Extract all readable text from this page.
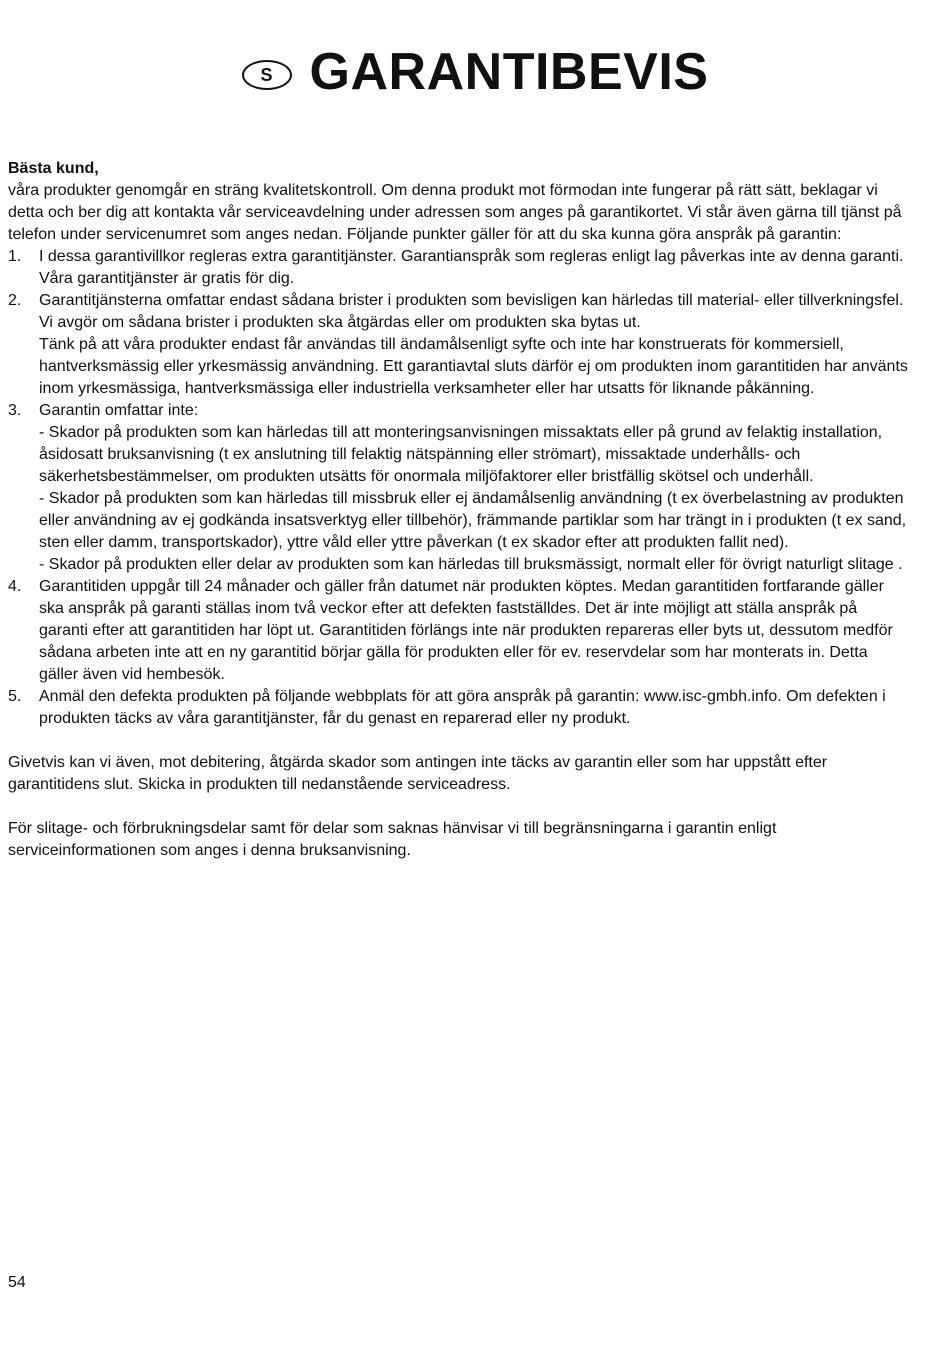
S GARANTIBEVIS

Bästa kund,

våra produkter genomgår en sträng kvalitetskontroll. Om denna produkt mot förmodan inte fungerar på rätt sätt, beklagar vi detta och ber dig att kontakta vår serviceavdelning under adressen som anges på garantikortet. Vi står även gärna till tjänst på telefon under servicenumret som anges nedan. Följande punkter gäller för att du ska kunna göra anspråk på garantin:

1. I dessa garantivillkor regleras extra garantitjänster. Garantianspråk som regleras enligt lag påverkas inte av denna garanti. Våra garantitjänster är gratis för dig.

2. Garantitjänsterna omfattar endast sådana brister i produkten som bevisligen kan härledas till material- eller tillverkningsfel. Vi avgör om sådana brister i produkten ska åtgärdas eller om produkten ska bytas ut.

Tänk på att våra produkter endast får användas till ändamålsenligt syfte och inte har konstruerats för kommersiell, hantverksmässig eller yrkesmässig användning. Ett garantiavtal sluts därför ej om produkten inom garantitiden har använts inom yrkesmässiga, hantverksmässiga eller industriella verksamheter eller har utsatts för liknande påkänning.

3. Garantin omfattar inte:

- Skador på produkten som kan härledas till att monteringsanvisningen missaktats eller på grund av felaktig installation, åsidosatt bruksanvisning (t ex anslutning till felaktig nätspänning eller strömart), missaktade underhålls- och säkerhetsbestämmelser, om produkten utsätts för onormala miljöfaktorer eller bristfällig skötsel och underhåll.

- Skador på produkten som kan härledas till missbruk eller ej ändamålsenlig användning (t ex överbelastning av produkten eller användning av ej godkända insatsverktyg eller tillbehör), främmande partiklar som har trängt in i produkten (t ex sand, sten eller damm, transportskador), yttre våld eller yttre påverkan (t ex skador efter att produkten fallit ned).

- Skador på produkten eller delar av produkten som kan härledas till bruksmässigt, normalt eller för övrigt naturligt slitage .

4. Garantitiden uppgår till 24 månader och gäller från datumet när produkten köptes. Medan garantitiden fortfarande gäller ska anspråk på garanti ställas inom två veckor efter att defekten fastställdes. Det är inte möjligt att ställa anspråk på garanti efter att garantitiden har löpt ut. Garantitiden förlängs inte när produkten repareras eller byts ut, dessutom medför sådana arbeten inte att en ny garantitid börjar gälla för produkten eller för ev. reservdelar som har monterats in. Detta gäller även vid hembesök.

5. Anmäl den defekta produkten på följande webbplats för att göra anspråk på garantin: www.isc-gmbh.info. Om defekten i produkten täcks av våra garantitjänster, får du genast en reparerad eller ny produkt.

Givetvis kan vi även, mot debitering, åtgärda skador som antingen inte täcks av garantin eller som har uppstått efter garantitidens slut. Skicka in produkten till nedanstående serviceadress.

För slitage- och förbrukningsdelar samt för delar som saknas hänvisar vi till begränsningarna i garantin enligt serviceinformationen som anges i denna bruksanvisning.

54
